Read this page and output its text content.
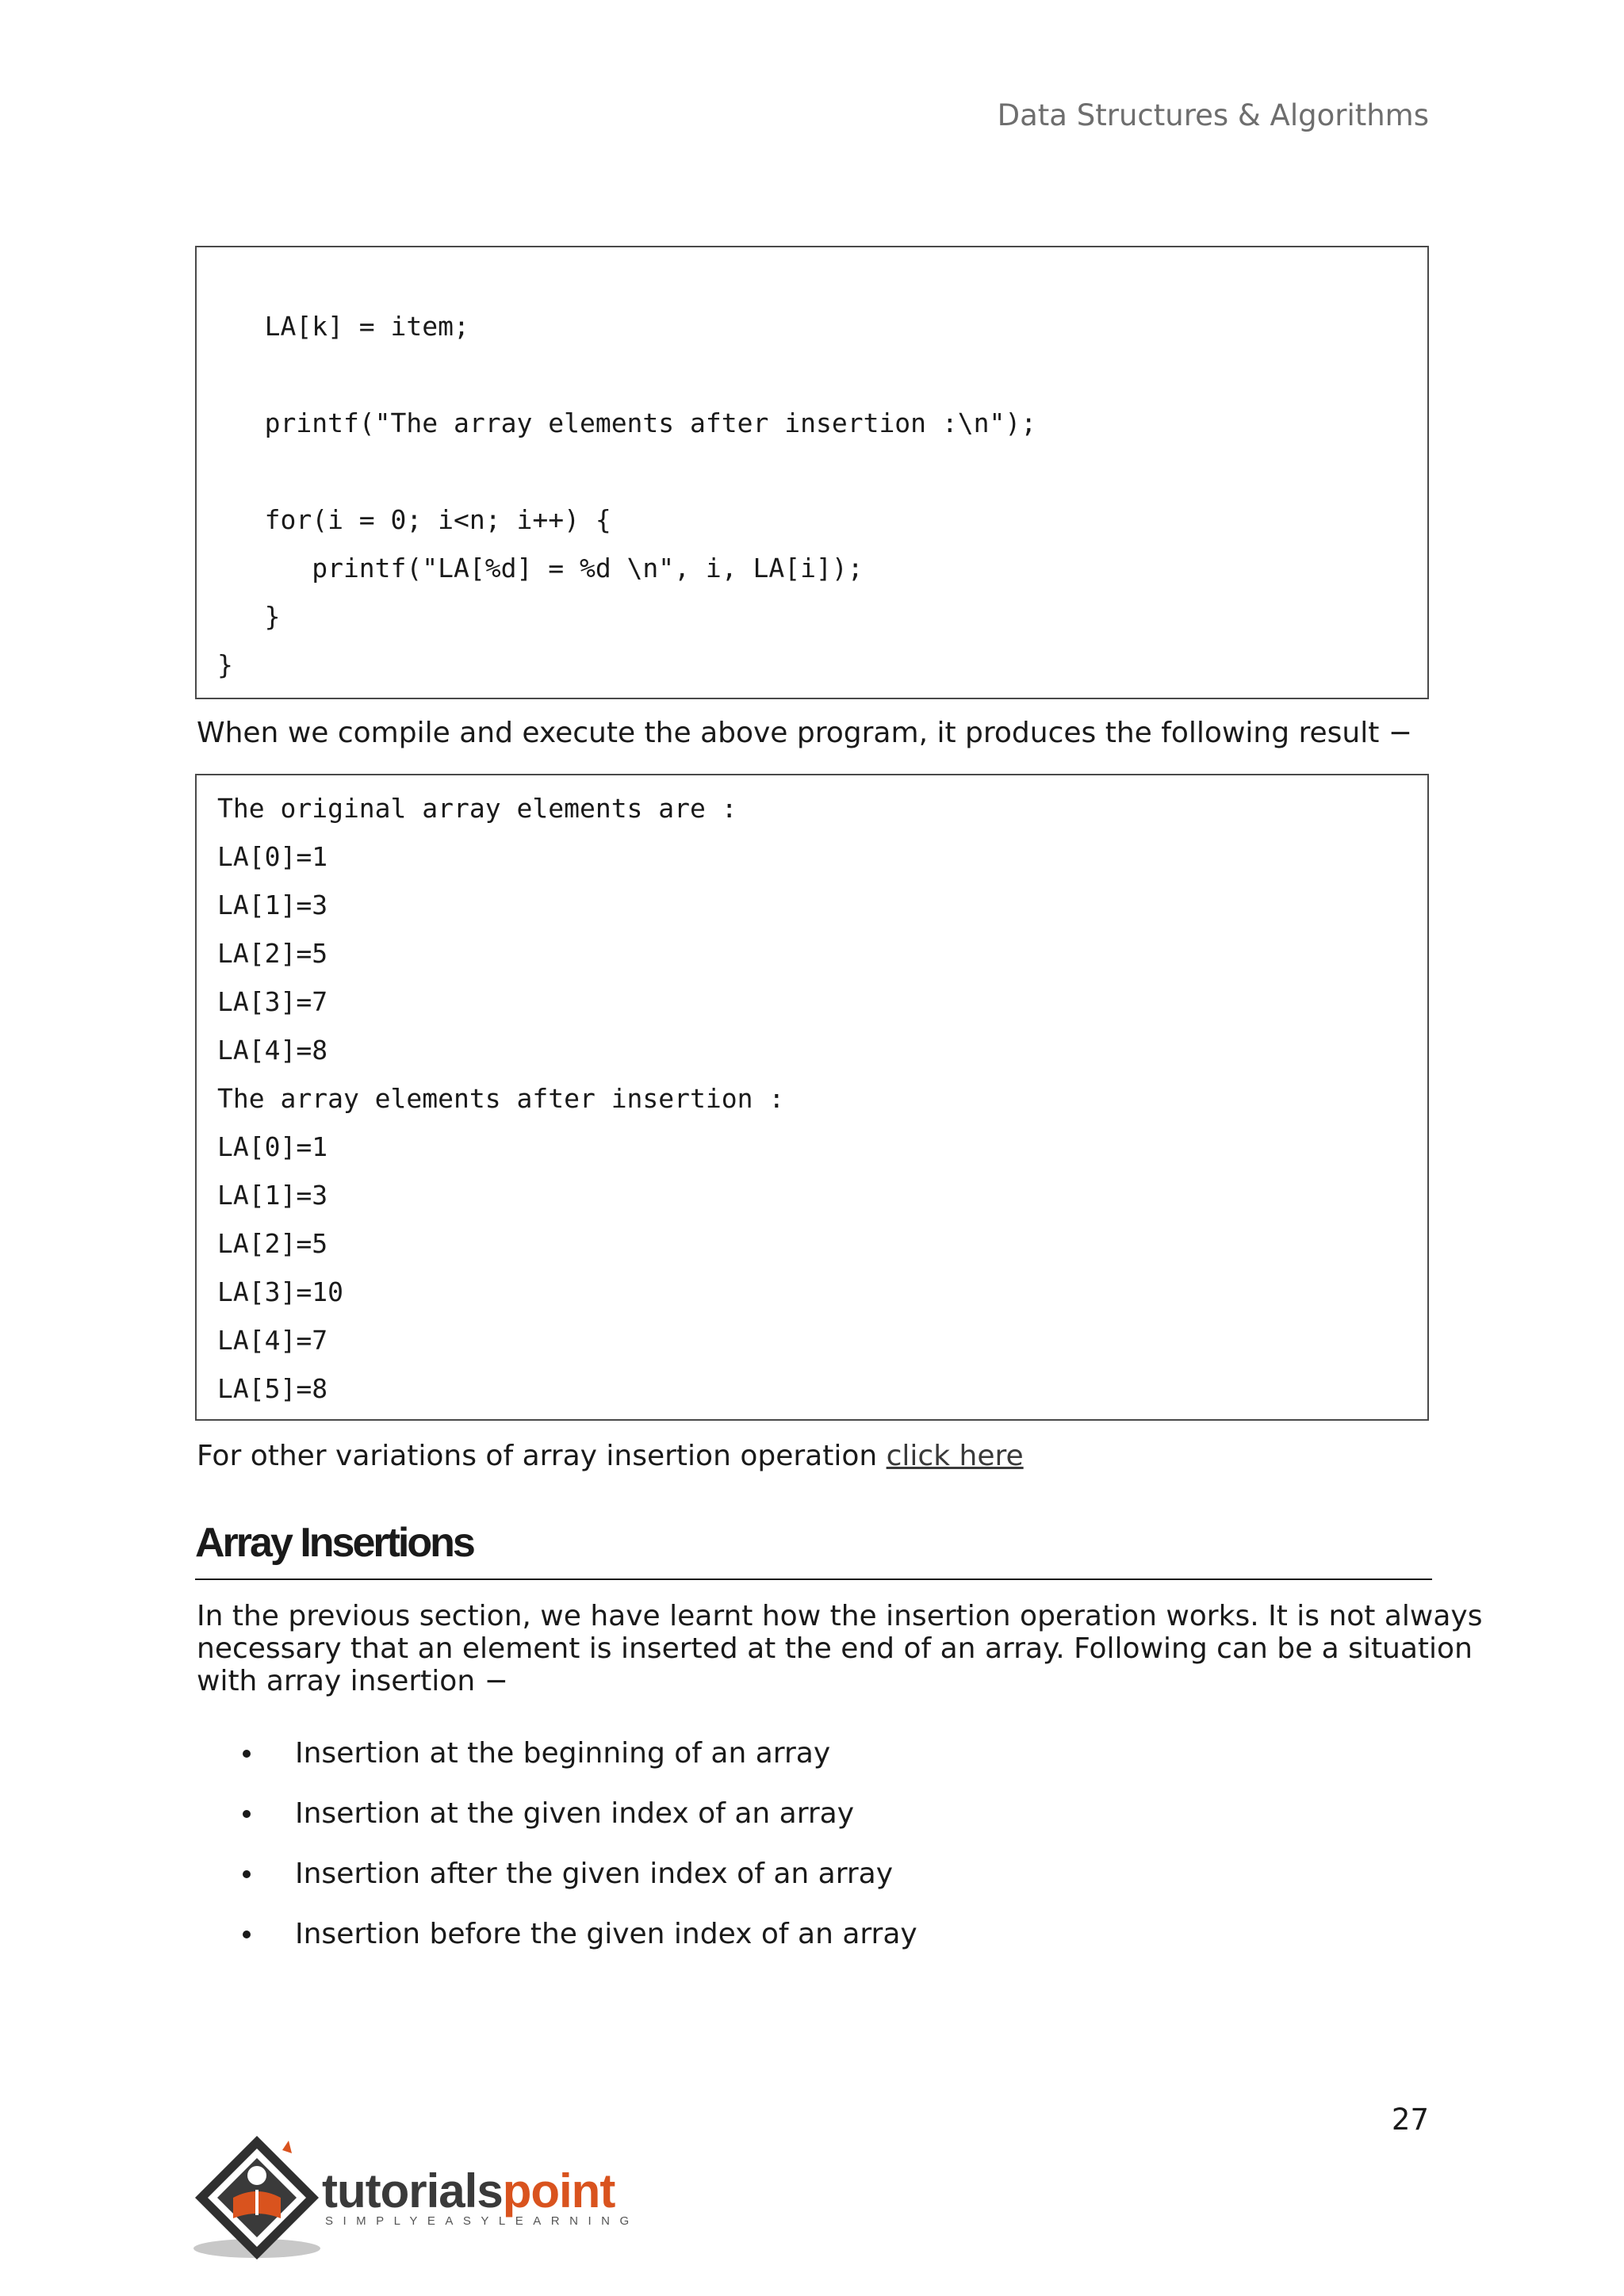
Data Structures & Algorithms
LA[k] = item;
printf("The array elements after insertion :\n");
for(i = 0; i<n; i++) {
printf("LA[%d] = %d \n", i, LA[i]);
}
}
When we compile and execute the above program, it produces the following result −
The original array elements are :
LA[0]=1
LA[1]=3
LA[2]=5
LA[3]=7
LA[4]=8
The array elements after insertion :
LA[0]=1
LA[1]=3
LA[2]=5
LA[3]=10
LA[4]=7
LA[5]=8
For other variations of array insertion operation click here
Array Insertions
In the previous section, we have learnt how the insertion operation works. It is not always
necessary that an element is inserted at the end of an array. Following can be a situation
with array insertion −
Insertion at the beginning of an array
Insertion at the given index of an array
Insertion after the given index of an array
Insertion before the given index of an array
27
tutorialspoint
SIMPLYEASYLEARNING
